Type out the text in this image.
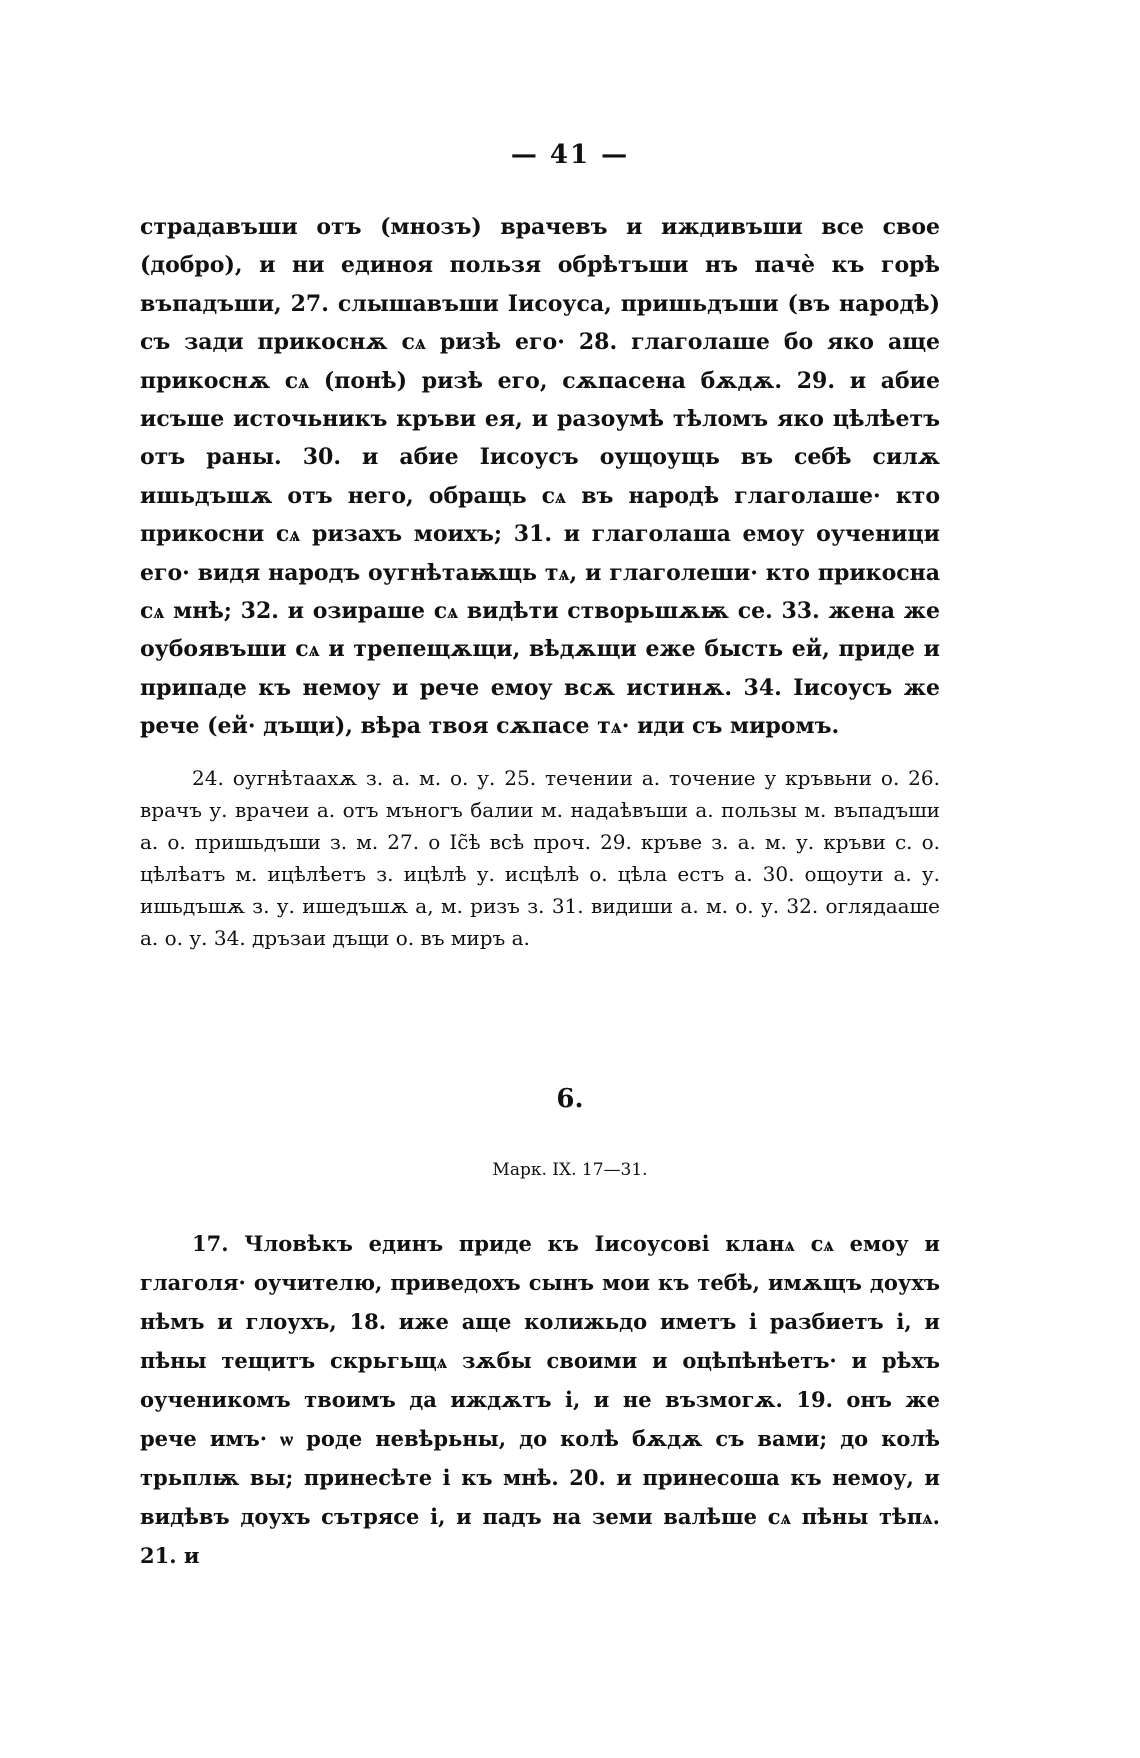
— 41 —

страдавъши отъ (мнозъ) врачевъ и иждивъши все свое (добро), и ни единоя пользя обрѣтъши нъ пачѐ къ горѣ въпадъши, 27. слышавъши Іисоуса, пришьдъши (въ народѣ) съ зади прикоснѫ сѧ ризѣ его· 28. глаголаше бо яко аще прикоснѫ сѧ (понѣ) ризѣ его, сѫпасена бѫдѫ. 29. и абие исъше источьникъ кръви ея, и разоумѣ тѣломъ яко цѣлѣетъ отъ раны. 30. и абие Іисоусъ оущоущь въ себѣ силѫ ишьдъшѫ отъ него, обращь сѧ въ народѣ глаголаше· кто прикосни сѧ ризахъ моихъ; 31. и глаголаша емоу оученици его· видя народъ оугнѣтаѭщь тѧ, и глаголеши· кто прикосна сѧ мнѣ; 32. и озираше сѧ видѣти створьшѫѭ се. 33. жена же оубоявъши сѧ и трепещѫщи, вѣдѫщи еже бысть ей, приде и припаде къ немоу и рече емоу всѫ истинѫ. 34. Іисоусъ же рече (ей· дъщи), вѣра твоя сѫпасе тѧ· иди съ миромъ.

24. оугнѣтаахѫ з. а. м. о. у. 25. течении а. точение у кръвьни о. 26. врачъ у. врачеи а. отъ мъногъ балии м. надаѣвъши а. пользы м. въпадъши а. о. пришьдъши з. м. 27. о Іс̃ѣ всѣ проч. 29. кръве з. а. м. у. кръви с. о. цѣлѣатъ м. ицѣлѣетъ з. ицѣлѣ у. исцѣлѣ о. цѣла естъ а. 30. ощоути а. у. ишьдъшѫ з. у. ишедъшѫ а, м. ризъ з. 31. видиши а. м. о. у. 32. оглядааше а. о. у. 34. дръзаи дъщи о. въ миръ а.

6.
Марк. IX. 17—31.

17. Чловѣкъ единъ приде къ Іисоусові кланѧ сѧ емоу и глаголя· оучителю, приведохъ сынъ мои къ тебѣ, имѫщъ доухъ нѣмъ и глоухъ, 18. иже аще колижьдо иметъ і разбиетъ і, и пѣны тещитъ скрьгьщѧ зѫбы своими и оцѣпѣнѣетъ· и рѣхъ оученикомъ твоимъ да иждѫтъ і, и не възмогѫ. 19. онъ же рече имъ· ѡ роде невѣрьны, до колѣ бѫдѫ съ вами; до колѣ трьплѭ вы; принесѣте і къ мнѣ. 20. и принесоша къ немоу, и видѣвъ доухъ сътрясе і, и падъ на земи валѣше сѧ пѣны тѣпѧ. 21. и
